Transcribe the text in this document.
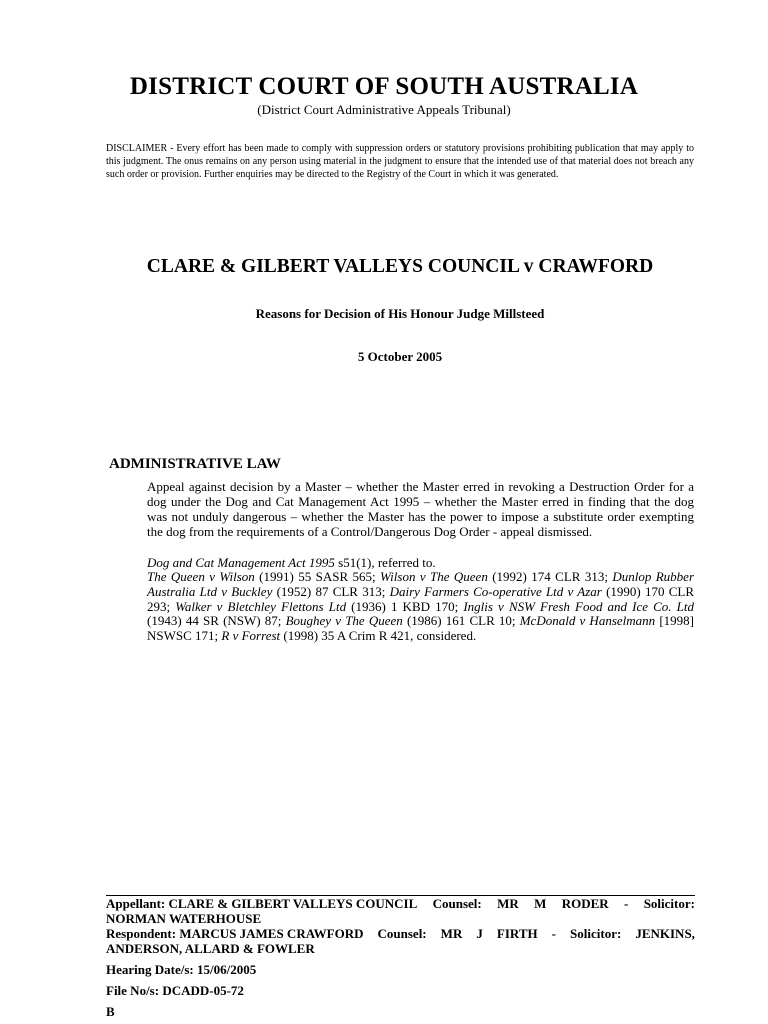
DISTRICT COURT OF SOUTH AUSTRALIA
(District Court Administrative Appeals Tribunal)
DISCLAIMER - Every effort has been made to comply with suppression orders or statutory provisions prohibiting publication that may apply to this judgment. The onus remains on any person using material in the judgment to ensure that the intended use of that material does not breach any such order or provision. Further enquiries may be directed to the Registry of the Court in which it was generated.
CLARE & GILBERT VALLEYS COUNCIL v CRAWFORD
Reasons for Decision of His Honour Judge Millsteed
5 October 2005
ADMINISTRATIVE LAW
Appeal against decision by a Master – whether the Master erred in revoking a Destruction Order for a dog under the Dog and Cat Management Act 1995 – whether the Master erred in finding that the dog was not unduly dangerous – whether the Master has the power to impose a substitute order exempting the dog from the requirements of a Control/Dangerous Dog Order - appeal dismissed.
Dog and Cat Management Act 1995 s51(1), referred to.
The Queen v Wilson (1991) 55 SASR 565; Wilson v The Queen (1992) 174 CLR 313; Dunlop Rubber Australia Ltd v Buckley (1952) 87 CLR 313; Dairy Farmers Co-operative Ltd v Azar (1990) 170 CLR 293; Walker v Bletchley Flettons Ltd (1936) 1 KBD 170; Inglis v NSW Fresh Food and Ice Co. Ltd (1943) 44 SR (NSW) 87; Boughey v The Queen (1986) 161 CLR 10; McDonald v Hanselmann [1998] NSWSC 171; R v Forrest (1998) 35 A Crim R 421, considered.
Appellant: CLARE & GILBERT VALLEYS COUNCIL Counsel: MR M RODER - Solicitor:
NORMAN WATERHOUSE
Respondent: MARCUS JAMES CRAWFORD Counsel: MR J FIRTH - Solicitor: JENKINS,
ANDERSON, ALLARD & FOWLER
Hearing Date/s: 15/06/2005
File No/s: DCADD-05-72
B
